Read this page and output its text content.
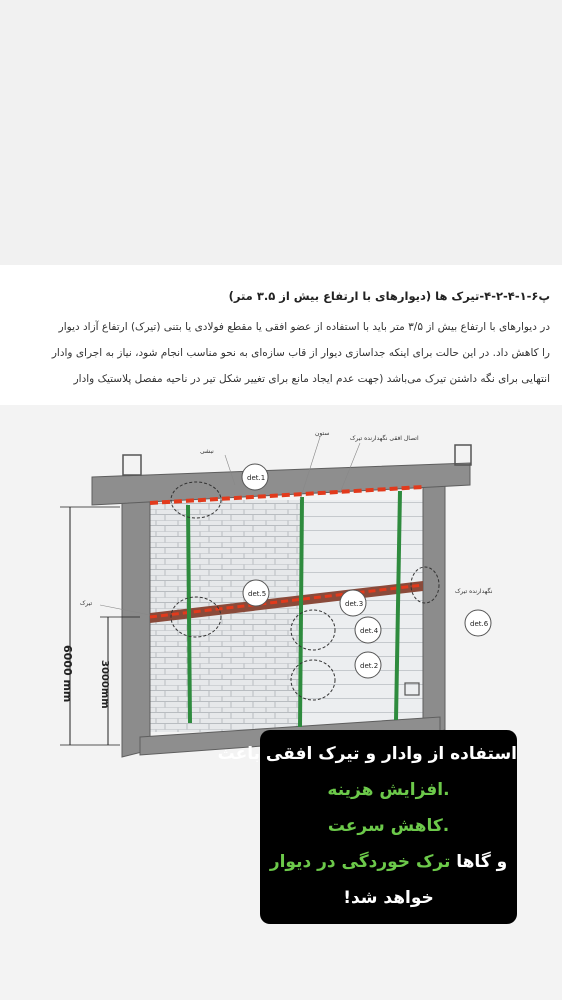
پ۶-۱-۴-۲-۴-تیرک ها (دیوارهای با ارتفاع بیش از ۳.۵ متر)
در دیوارهای با ارتفاع بیش از ۳/۵ متر باید با استفاده از عضو افقی یا مقطع فولادی یا بتنی (تیرک) ارتفاع آزاد دیوار
را کاهش داد. در این حالت برای اینکه جداسازی دیوار از قاب سازه‌ای به نحو مناسب انجام شود، نیاز به اجرای وادار
انتهایی برای نگه داشتن تیرک می‌باشد (جهت عدم ایجاد مانع برای تغییر شکل تیر در ناحیه مفصل پلاستیک وادار
det.1
det.5
det.3
det.4
det.2
det.6
اتصال افقی نگهدارنده تیرک
تیرک
نبشی
ستون
نگهدارنده تیرک
6000 mm	3000mm
استفاده از وادار و تیرک افقی باعث
.افزایش هزینه
.کاهش سرعت
و گاها ترک خوردگی در دیوار
خواهد شد!
